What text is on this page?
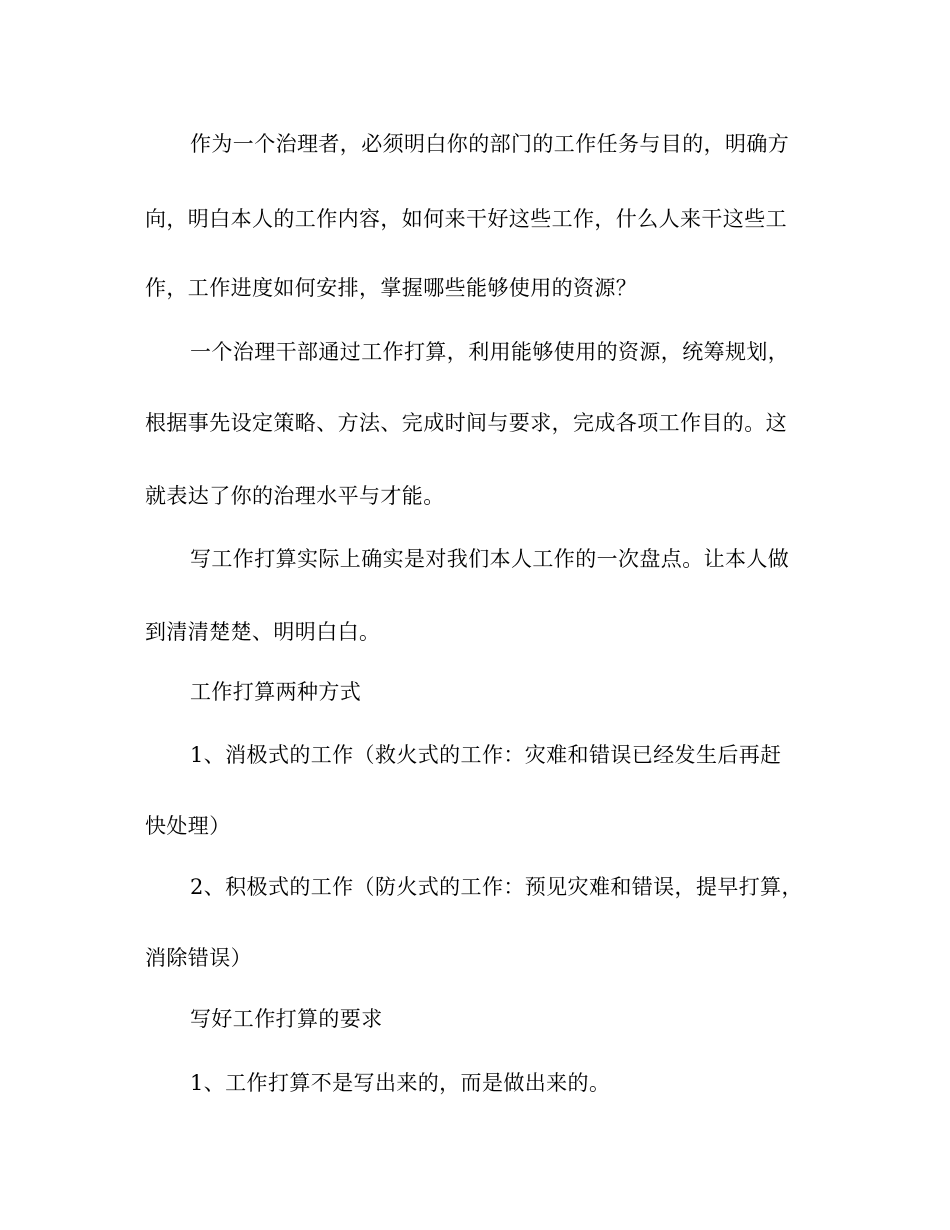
作为一个治理者，必须明白你的部门的工作任务与目的，明确方
向，明白本人的工作内容，如何来干好这些工作，什么人来干这些工
作，工作进度如何安排，掌握哪些能够使用的资源？
一个治理干部通过工作打算，利用能够使用的资源，统筹规划，
根据事先设定策略、方法、完成时间与要求，完成各项工作目的。这
就表达了你的治理水平与才能。
写工作打算实际上确实是对我们本人工作的一次盘点。让本人做
到清清楚楚、明明白白。
工作打算两种方式
1、消极式的工作（救火式的工作：灾难和错误已经发生后再赶
快处理）
2、积极式的工作（防火式的工作：预见灾难和错误，提早打算，
消除错误）
写好工作打算的要求
1、工作打算不是写出来的，而是做出来的。
